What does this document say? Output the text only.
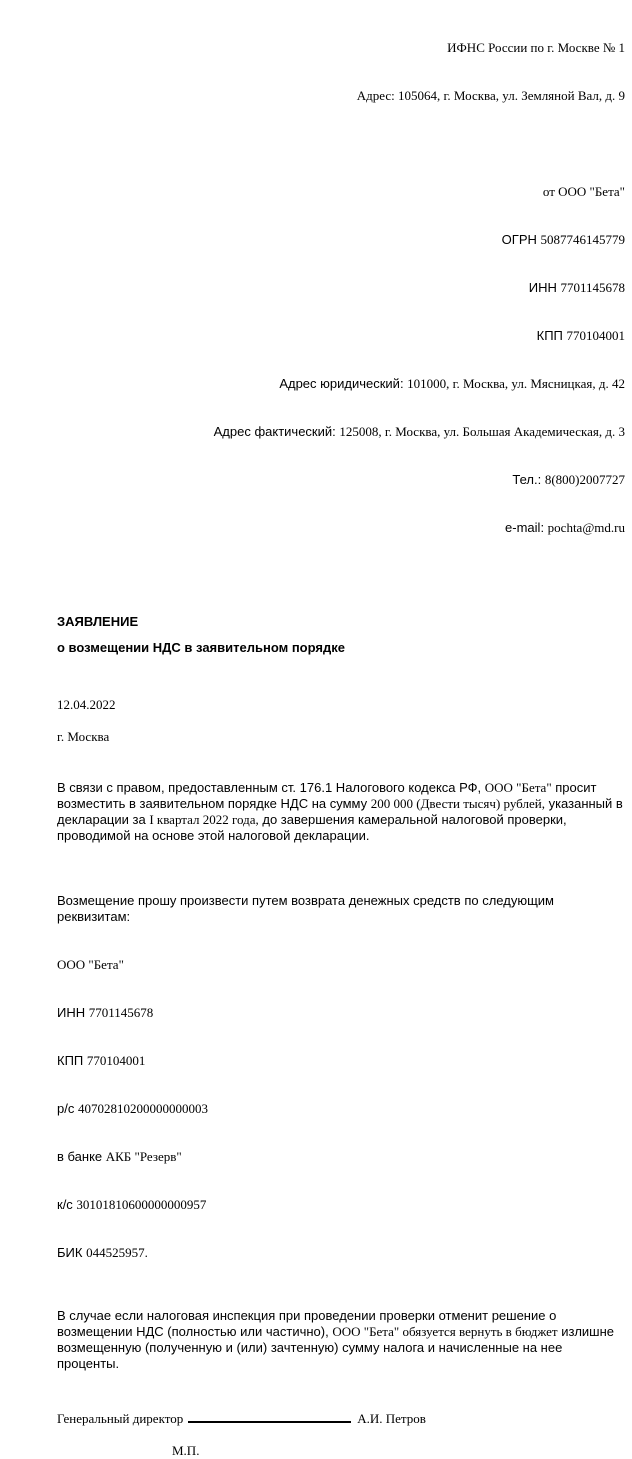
ИФНС России по г. Москве № 1

Адрес: 105064, г. Москва, ул. Земляной Вал, д. 9

от ООО "Бета"

ОГРН 5087746145779

ИНН 7701145678

КПП 770104001

Адрес юридический: 101000, г. Москва, ул. Мясницкая, д. 42

Адрес фактический: 125008, г. Москва, ул. Большая Академическая, д. 3

Тел.: 8(800)2007727

e-mail: pochta@md.ru

ЗАЯВЛЕНИЕ
о возмещении НДС в заявительном порядке
12.04.2022
г. Москва

В связи с правом, предоставленным ст. 176.1 Налогового кодекса РФ, ООО "Бета" просит возместить в заявительном порядке НДС на сумму 200 000 (Двести тысяч) рублей, указанный в декларации за I квартал 2022 года, до завершения камеральной налоговой проверки, проводимой на основе этой налоговой декларации.

Возмещение прошу произвести путем возврата денежных средств по следующим реквизитам:

ООО "Бета"

ИНН 7701145678

КПП 770104001

р/с 40702810200000000003

в банке АКБ "Резерв"

к/с 30101810600000000957

БИК 044525957.

В случае если налоговая инспекция при проведении проверки отменит решение о возмещении НДС (полностью или частично), ООО "Бета" обязуется вернуть в бюджет излишне возмещенную (полученную и (или) зачтенную) сумму налога и начисленные на нее проценты.

Генеральный директор	А.И. Петров
М.П.
